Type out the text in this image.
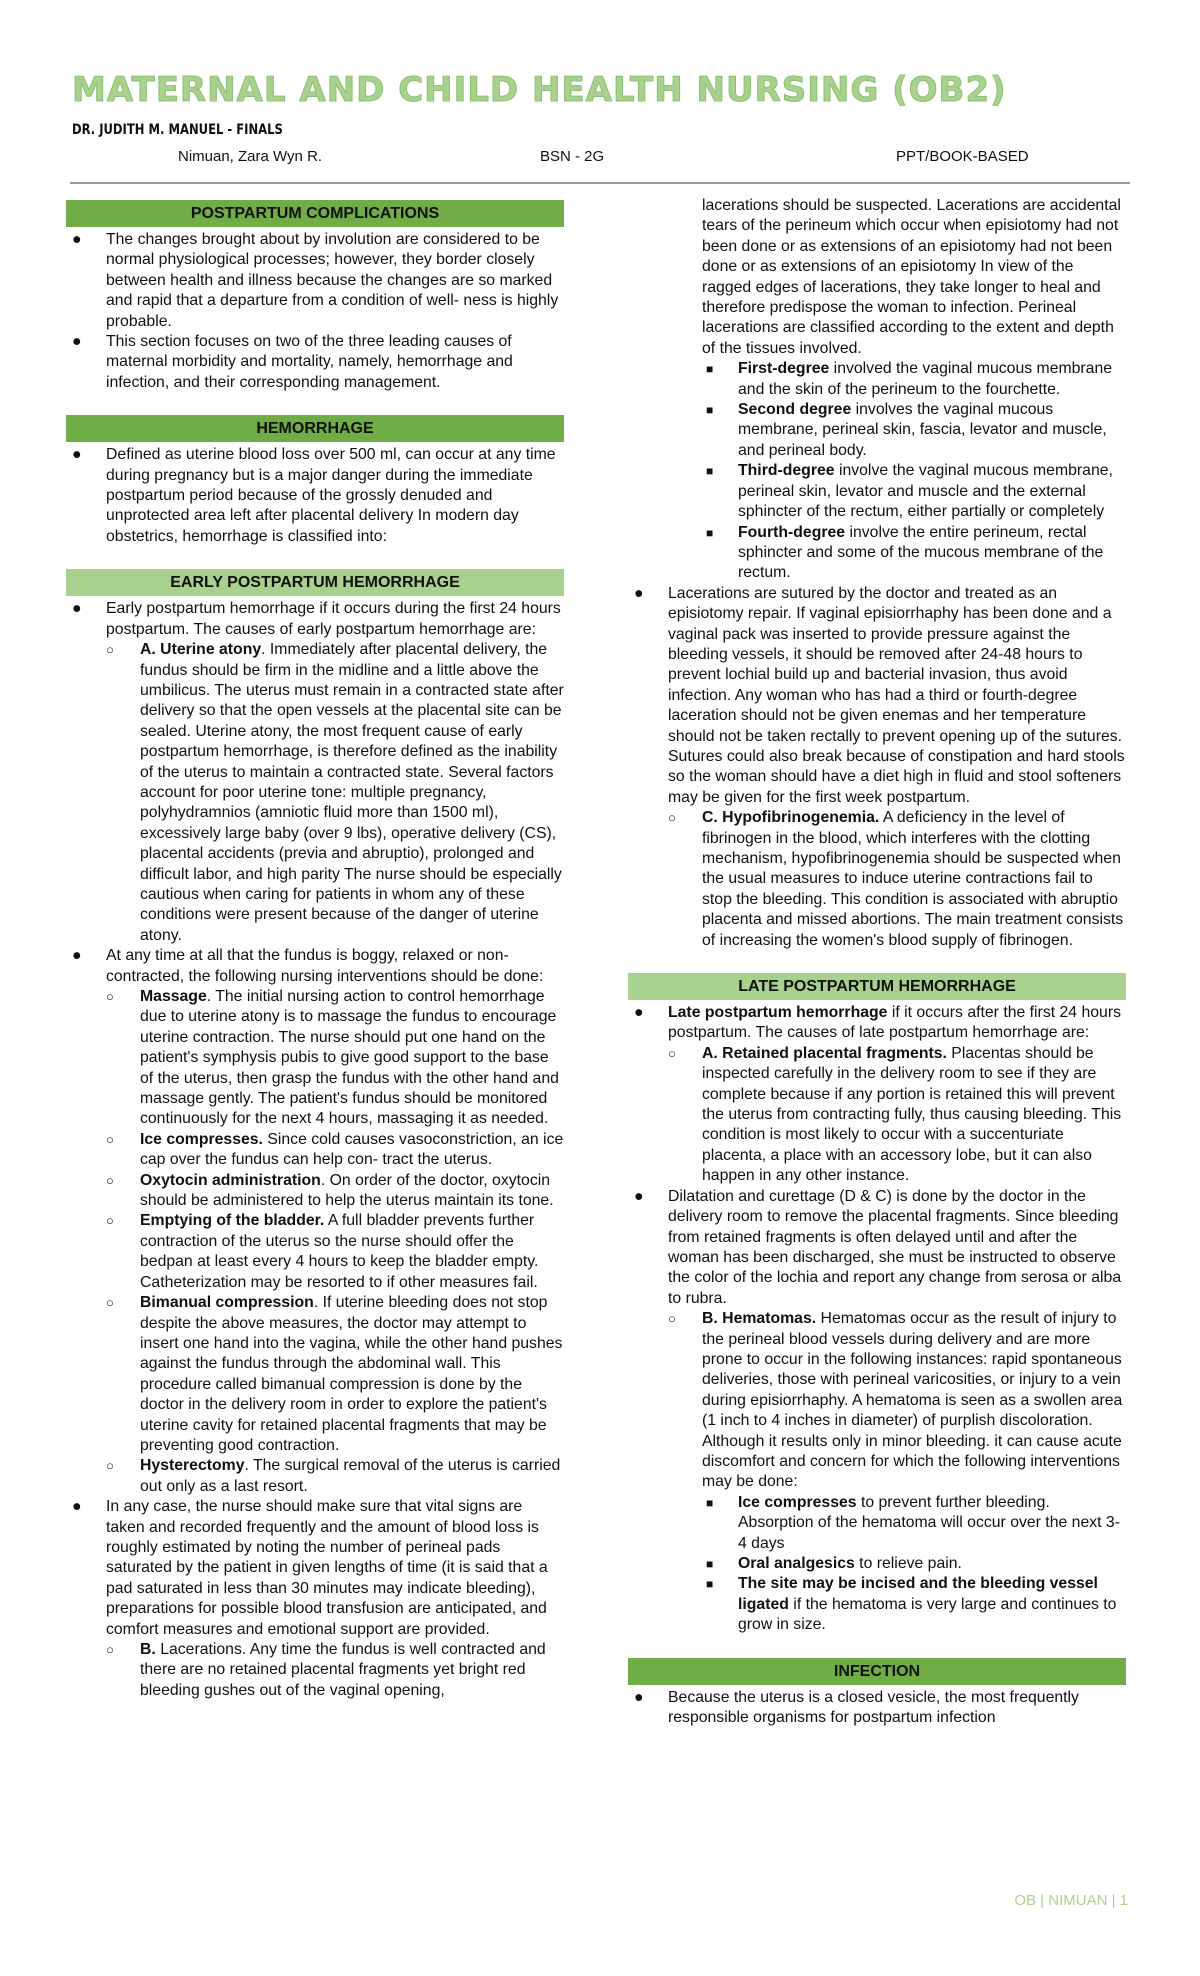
MATERNAL AND CHILD HEALTH NURSING (OB2)
DR. JUDITH M. MANUEL - FINALS
Nimuan, Zara Wyn R.	BSN - 2G	PPT/BOOK-BASED
POSTPARTUM COMPLICATIONS
● The changes brought about by involution are considered to be normal physiological processes; however, they border closely between health and illness because the changes are so marked and rapid that a departure from a condition of well- ness is highly probable.
● This section focuses on two of the three leading causes of maternal morbidity and mortality, namely, hemorrhage and infection, and their corresponding management.
HEMORRHAGE
● Defined as uterine blood loss over 500 ml, can occur at any time during pregnancy but is a major danger during the immediate postpartum period because of the grossly denuded and unprotected area left after placental delivery In modern day obstetrics, hemorrhage is classified into:
EARLY POSTPARTUM HEMORRHAGE
● Early postpartum hemorrhage if it occurs during the first 24 hours postpartum. The causes of early postpartum hemorrhage are:
○ A. Uterine atony. Immediately after placental delivery, the fundus should be firm in the midline and a little above the umbilicus. The uterus must remain in a contracted state after delivery so that the open vessels at the placental site can be sealed. Uterine atony, the most frequent cause of early postpartum hemorrhage, is therefore defined as the inability of the uterus to maintain a contracted state. Several factors account for poor uterine tone: multiple pregnancy, polyhydramnios (amniotic fluid more than 1500 ml), excessively large baby (over 9 lbs), operative delivery (CS), placental accidents (previa and abruptio), prolonged and difficult labor, and high parity The nurse should be especially cautious when caring for patients in whom any of these conditions were present because of the danger of uterine atony.
● At any time at all that the fundus is boggy, relaxed or non-contracted, the following nursing interventions should be done:
○ Massage. The initial nursing action to control hemorrhage due to uterine atony is to massage the fundus to encourage uterine contraction. The nurse should put one hand on the patient's symphysis pubis to give good support to the base of the uterus, then grasp the fundus with the other hand and massage gently. The patient's fundus should be monitored continuously for the next 4 hours, massaging it as needed.
○ Ice compresses. Since cold causes vasoconstriction, an ice cap over the fundus can help con- tract the uterus.
○ Oxytocin administration. On order of the doctor, oxytocin should be administered to help the uterus maintain its tone.
○ Emptying of the bladder. A full bladder prevents further contraction of the uterus so the nurse should offer the bedpan at least every 4 hours to keep the bladder empty. Catheterization may be resorted to if other measures fail.
○ Bimanual compression. If uterine bleeding does not stop despite the above measures, the doctor may attempt to insert one hand into the vagina, while the other hand pushes against the fundus through the abdominal wall. This procedure called bimanual compression is done by the doctor in the delivery room in order to explore the patient's uterine cavity for retained placental fragments that may be preventing good contraction.
○ Hysterectomy. The surgical removal of the uterus is carried out only as a last resort.
● In any case, the nurse should make sure that vital signs are taken and recorded frequently and the amount of blood loss is roughly estimated by noting the number of perineal pads saturated by the patient in given lengths of time (it is said that a pad saturated in less than 30 minutes may indicate bleeding), preparations for possible blood transfusion are anticipated, and comfort measures and emotional support are provided.
○ B. Lacerations. Any time the fundus is well contracted and there are no retained placental fragments yet bright red bleeding gushes out of the vaginal opening,
lacerations should be suspected. Lacerations are accidental tears of the perineum which occur when episiotomy had not been done or as extensions of an episiotomy had not been done or as extensions of an episiotomy In view of the ragged edges of lacerations, they take longer to heal and therefore predispose the woman to infection. Perineal lacerations are classified according to the extent and depth of the tissues involved.
■ First-degree involved the vaginal mucous membrane and the skin of the perineum to the fourchette.
■ Second degree involves the vaginal mucous membrane, perineal skin, fascia, levator and muscle, and perineal body.
■ Third-degree involve the vaginal mucous membrane, perineal skin, levator and muscle and the external sphincter of the rectum, either partially or completely
■ Fourth-degree involve the entire perineum, rectal sphincter and some of the mucous membrane of the rectum.
● Lacerations are sutured by the doctor and treated as an episiotomy repair. If vaginal episiorrhaphy has been done and a vaginal pack was inserted to provide pressure against the bleeding vessels, it should be removed after 24-48 hours to prevent lochial build up and bacterial invasion, thus avoid infection. Any woman who has had a third or fourth-degree laceration should not be given enemas and her temperature should not be taken rectally to prevent opening up of the sutures. Sutures could also break because of constipation and hard stools so the woman should have a diet high in fluid and stool softeners may be given for the first week postpartum.
○ C. Hypofibrinogenemia. A deficiency in the level of fibrinogen in the blood, which interferes with the clotting mechanism, hypofibrinogenemia should be suspected when the usual measures to induce uterine contractions fail to stop the bleeding. This condition is associated with abruptio placenta and missed abortions. The main treatment consists of increasing the women's blood supply of fibrinogen.
LATE POSTPARTUM HEMORRHAGE
● Late postpartum hemorrhage if it occurs after the first 24 hours postpartum. The causes of late postpartum hemorrhage are:
○ A. Retained placental fragments. Placentas should be inspected carefully in the delivery room to see if they are complete because if any portion is retained this will prevent the uterus from contracting fully, thus causing bleeding. This condition is most likely to occur with a succenturiate placenta, a place with an accessory lobe, but it can also happen in any other instance.
● Dilatation and curettage (D & C) is done by the doctor in the delivery room to remove the placental fragments. Since bleeding from retained fragments is often delayed until and after the woman has been discharged, she must be instructed to observe the color of the lochia and report any change from serosa or alba to rubra.
○ B. Hematomas. Hematomas occur as the result of injury to the perineal blood vessels during delivery and are more prone to occur in the following instances: rapid spontaneous deliveries, those with perineal varicosities, or injury to a vein during episiorrhaphy. A hematoma is seen as a swollen area (1 inch to 4 inches in diameter) of purplish discoloration. Although it results only in minor bleeding. it can cause acute discomfort and concern for which the following interventions may be done:
■ Ice compresses to prevent further bleeding. Absorption of the hematoma will occur over the next 3-4 days
■ Oral analgesics to relieve pain.
■ The site may be incised and the bleeding vessel ligated if the hematoma is very large and continues to grow in size.
INFECTION
● Because the uterus is a closed vesicle, the most frequently responsible organisms for postpartum infection
OB | NIMUAN | 1
